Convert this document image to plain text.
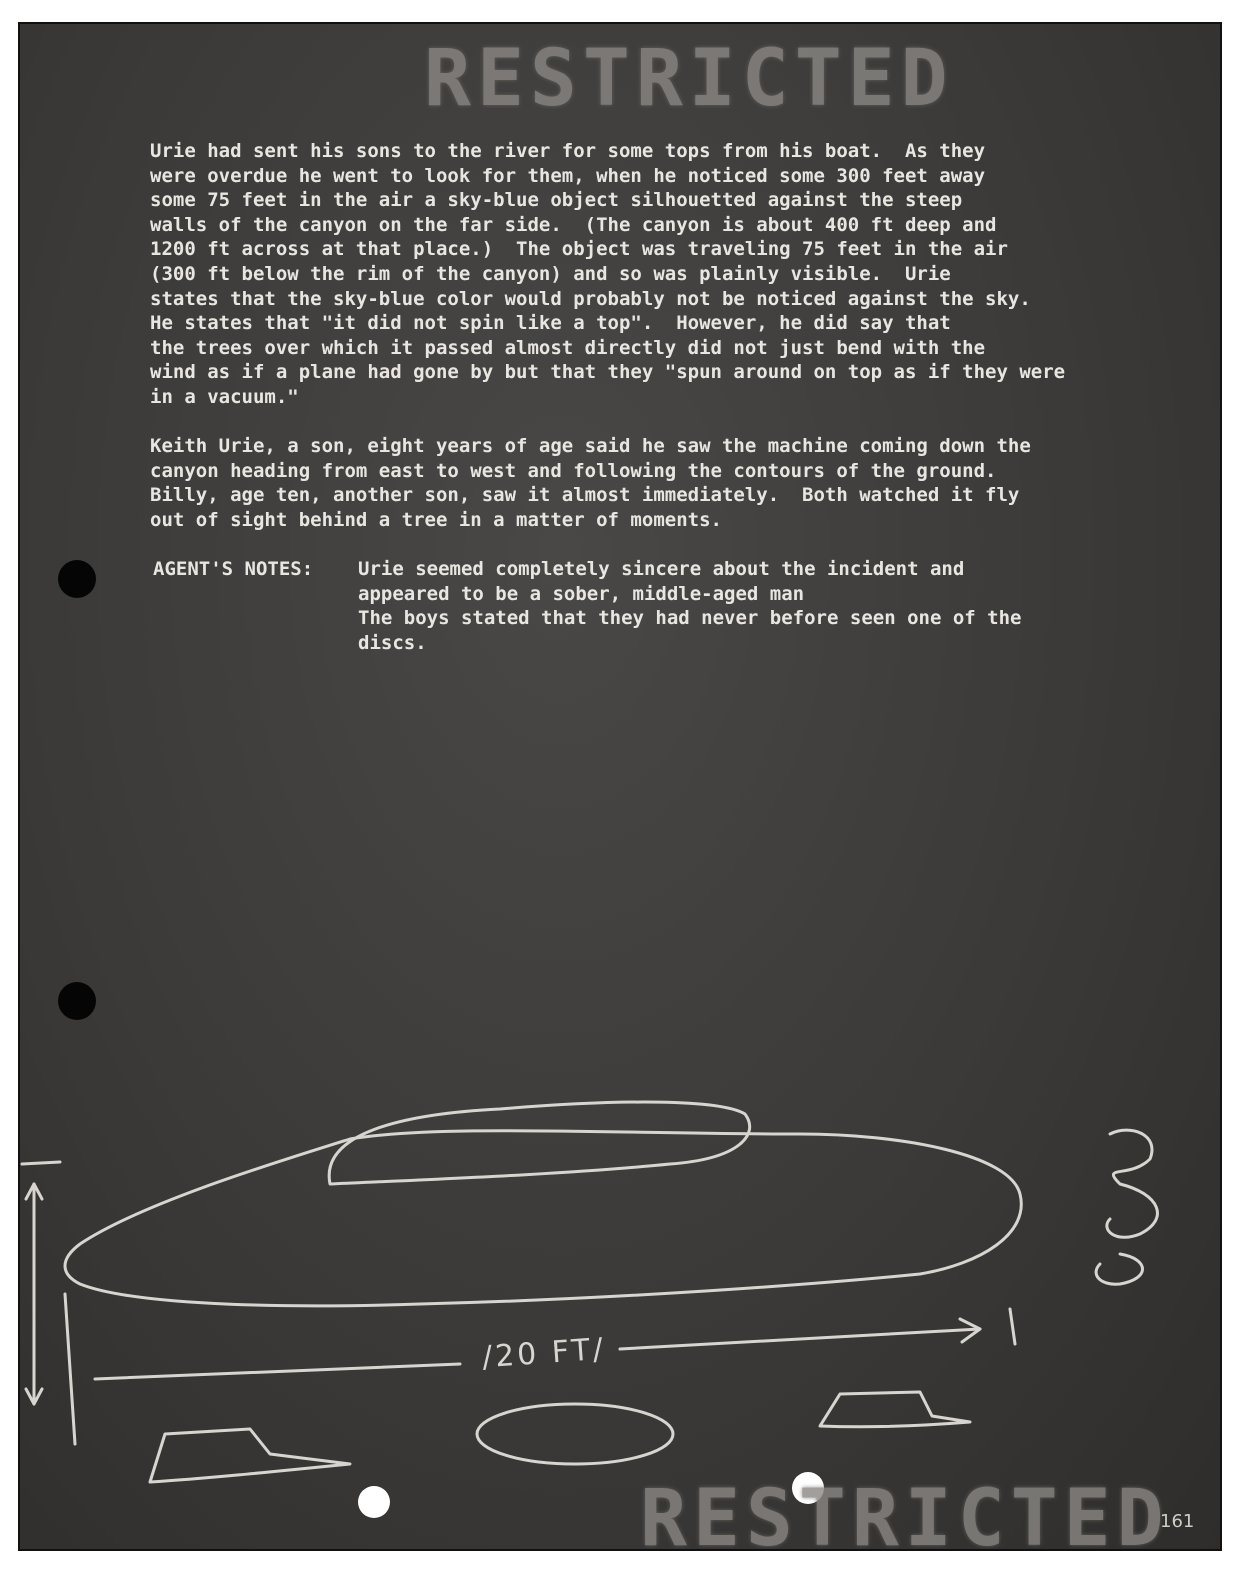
RESTRICTED
Urie had sent his sons to the river for some tops from his boat.  As they
were overdue he went to look for them, when he noticed some 300 feet away
some 75 feet in the air a sky-blue object silhouetted against the steep
walls of the canyon on the far side.  (The canyon is about 400 ft deep and
1200 ft across at that place.)  The object was traveling 75 feet in the air
(300 ft below the rim of the canyon) and so was plainly visible.  Urie
states that the sky-blue color would probably not be noticed against the sky.
He states that "it did not spin like a top".  However, he did say that
the trees over which it passed almost directly did not just bend with the
wind as if a plane had gone by but that they "spun around on top as if they were
in a vacuum."
Keith Urie, a son, eight years of age said he saw the machine coming down the
canyon heading from east to west and following the contours of the ground.
Billy, age ten, another son, saw it almost immediately.  Both watched it fly
out of sight behind a tree in a matter of moments.
AGENT'S NOTES: Urie seemed completely sincere about the incident and
appeared to be a sober, middle-aged man
The boys stated that they had never before seen one of the
discs.
/20 FT/
RESTRICTED
161
